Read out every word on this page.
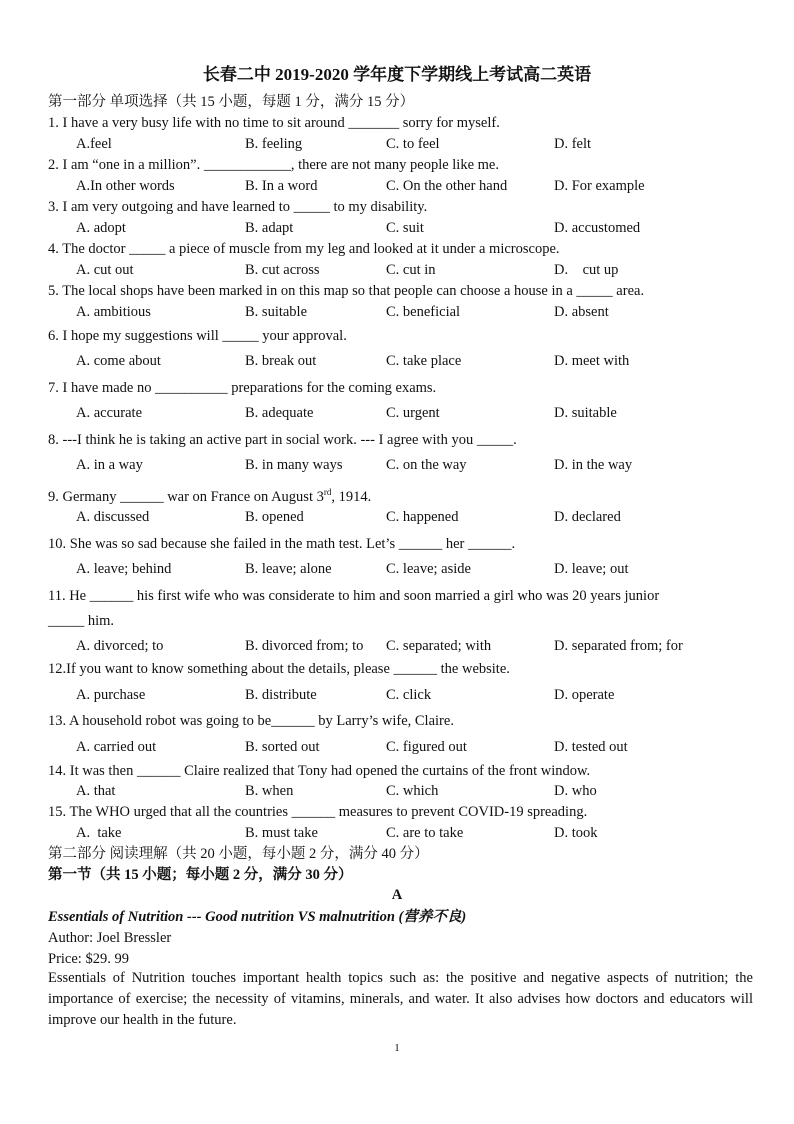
长春二中 2019-2020 学年度下学期线上考试高二英语
第一部分 单项选择（共 15 小题，每题 1 分，满分 15 分）
1. I have a very busy life with no time to sit around _______ sorry for myself.
A.feel	B. feeling	C. to feel	D. felt
2. I am “one in a million”. ____________, there are not many people like me.
A.In other words	B. In a word	C. On the other hand	D. For example
3. I am very outgoing and have learned to _____ to my disability.
A. adopt	B. adapt	C. suit	D. accustomed
4. The doctor _____ a piece of muscle from my leg and looked at it under a microscope.
A. cut out	B. cut across	C. cut in	D.    cut up
5. The local shops have been marked in on this map so that people can choose a house in a _____ area.
A. ambitious	B. suitable	C. beneficial	D. absent
6. I hope my suggestions will _____ your approval.
A. come about	B. break out	C. take place	D. meet with
7. I have made no __________ preparations for the coming exams.
A. accurate	B. adequate	C. urgent	D. suitable
8. ---I think he is taking an active part in social work. --- I agree with you _____.
A. in a way	B. in many ways	C. on the way	D. in the way
9. Germany ______ war on France on August 3rd, 1914.
A. discussed	B. opened	C. happened	D. declared
10. She was so sad because she failed in the math test. Let’s ______ her ______.
A. leave; behind	B. leave; alone	C. leave; aside	D. leave; out
11. He ______ his first wife who was considerate to him and soon married a girl who was 20 years junior
_____ him.
A. divorced; to	B. divorced from; to C. separated; with	D. separated from; for
12.If you want to know something about the details, please ______ the website.
A. purchase	B. distribute	C. click	D. operate
13. A household robot was going to be______ by Larry’s wife, Claire.
A. carried out	B. sorted out	C. figured out	D. tested out
14. It was then ______ Claire realized that Tony had opened the curtains of the front window.
A. that	B. when	C. which	D. who
15. The WHO urged that all the countries ______ measures to prevent COVID-19 spreading.
A.  take	B. must take	C. are to take	D. took
第二部分 阅读理解（共 20 小题，每小题 2 分，满分 40 分）
第一节（共 15 小题；每小题 2 分，满分 30 分）
A
Essentials of Nutrition --- Good nutrition VS malnutrition (营养不良)
Author: Joel Bressler
Price: $29. 99
Essentials of Nutrition touches important health topics such as: the positive and negative aspects of nutrition; the importance of exercise; the necessity of vitamins, minerals, and water. It also advises how doctors and educators will improve our health in the future.
1
